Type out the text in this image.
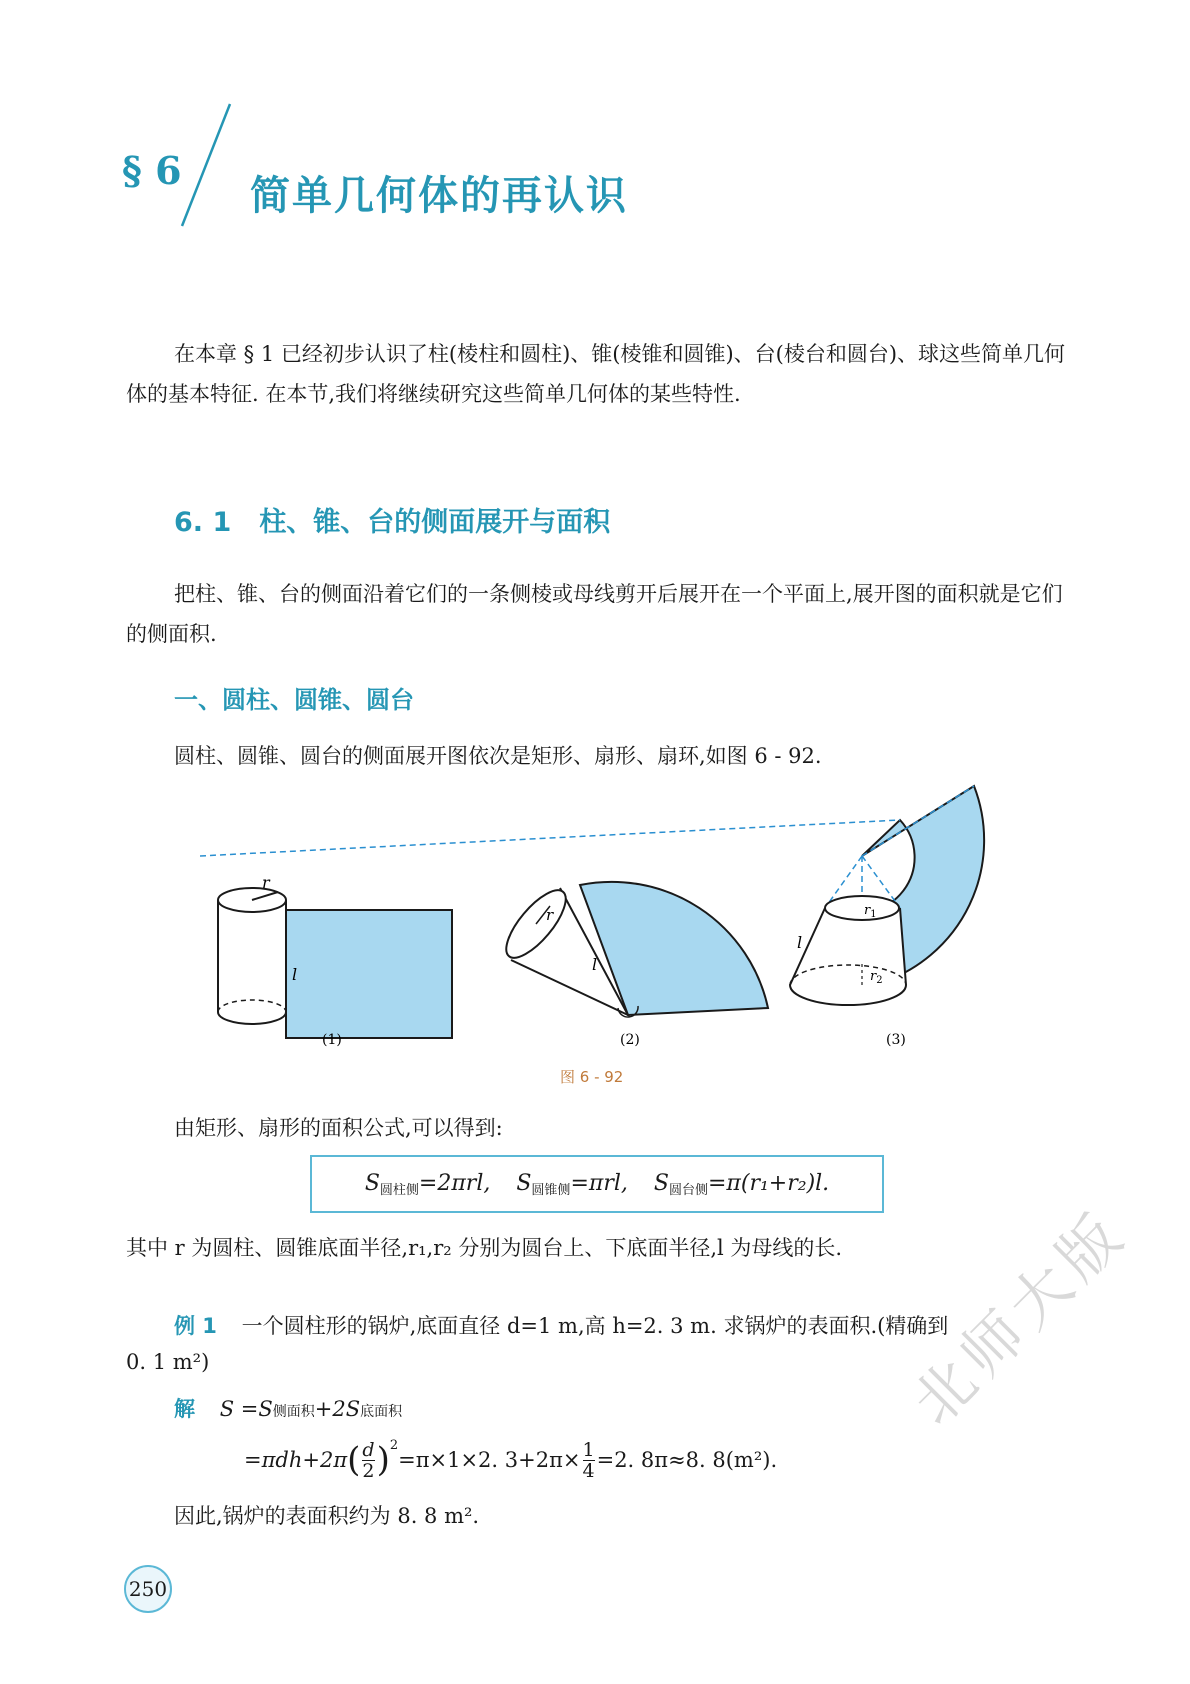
§ 6
简单几何体的再认识
在本章 § 1 已经初步认识了柱(棱柱和圆柱)、锥(棱锥和圆锥)、台(棱台和圆台)、球这些简单几何体的基本特征. 在本节,我们将继续研究这些简单几何体的某些特性.
6. 1 柱、锥、台的侧面展开与面积
把柱、锥、台的侧面沿着它们的一条侧棱或母线剪开后展开在一个平面上,展开图的面积就是它们的侧面积.
一、圆柱、圆锥、圆台
圆柱、圆锥、圆台的侧面展开图依次是矩形、扇形、扇环,如图 6 - 92.
r
l
(1)
r
l
(2)
$r_1$
$r_2$
l
(3)
图 6 - 92
由矩形、扇形的面积公式,可以得到:
$S_{圆柱侧}=2\pi rl$, $S_{圆锥侧}=\pi rl$, $S_{圆台侧}=\pi(r_1+r_2)l$.
其中 r 为圆柱、圆锥底面半径,r₁,r₂ 分别为圆台上、下底面半径,l 为母线的长.
例 1 一个圆柱形的锅炉,底面直径 d=1 m,高 h=2. 3 m. 求锅炉的表面积.(精确到
0. 1 m²)
解 S =S侧面积+2S底面积
=πdh+2π ( $\frac{d}{2} )^2$
=π×1×2. $3+2\pi\times \frac{1}{4} =2$. 8π≈8. 8(m²).
因此,锅炉的表面积约为 8. 8 m².
250
北师大版
